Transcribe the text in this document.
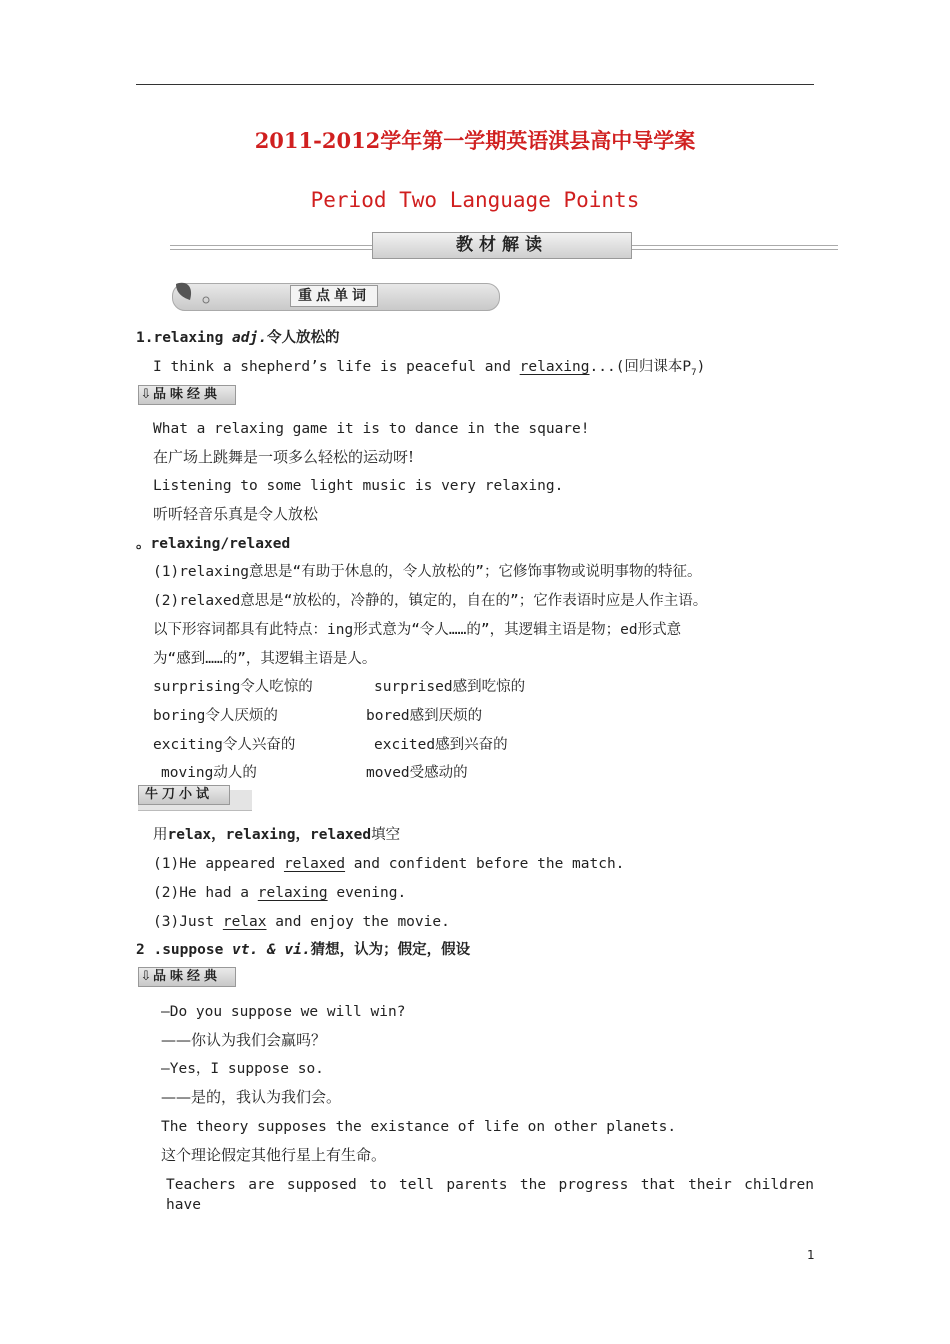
2011-2012学年第一学期英语淇县高中导学案
Period Two Language Points
教材解读
重点单词
1.relaxing adj.令人放松的
I think a shepherd’s life is peaceful and relaxing...(回归课本$P_7$)
⇩ 品味经典
What a relaxing game it is to dance in the square!
在广场上跳舞是一项多么轻松的运动呀!
Listening to some light music is very relaxing.
听听轻音乐真是令人放松
。relaxing/relaxed
(1)relaxing意思是“有助于休息的，令人放松的”；它修饰事物或说明事物的特征。
(2)relaxed意思是“放松的，冷静的，镇定的，自在的”；它作表语时应是人作主语。
以下形容词都具有此特点：ing形式意为“令人……的”，其逻辑主语是物；ed形式意
为“感到……的”，其逻辑主语是人。
surprising令人吃惊的	surprised感到吃惊的
boring令人厌烦的	bored感到厌烦的
exciting令人兴奋的	excited感到兴奋的
moving动人的	moved受感动的
牛刀小试
用relax，relaxing，relaxed填空
(1)He appeared relaxed and confident before the match.
(2)He had a relaxing evening.
(3)Just relax and enjoy the movie.
2 .suppose vt. & vi.猜想，认为；假定，假设
⇩ 品味经典
—Do you suppose we will win?
——你认为我们会赢吗？
—Yes，I suppose so.
——是的，我认为我们会。
The theory supposes the existance of life on other planets.
这个理论假定其他行星上有生命。
Teachers are supposed to tell parents the progress that their children have
1
